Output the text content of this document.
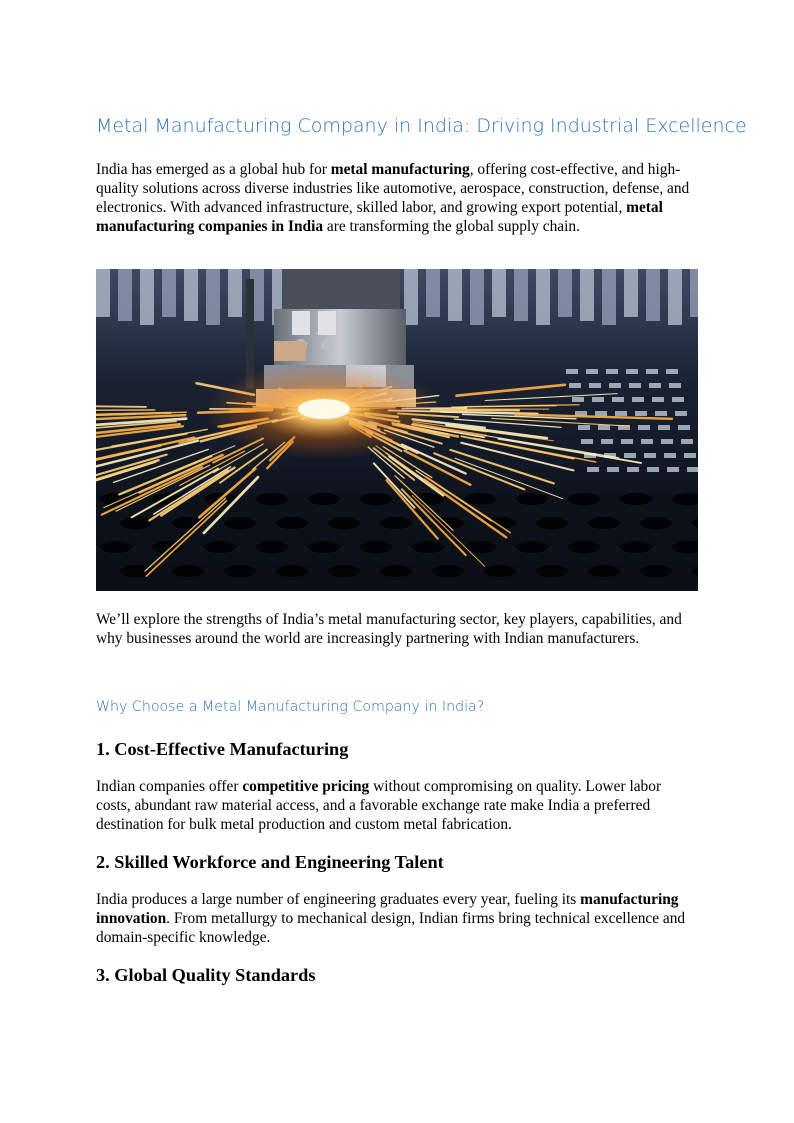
Metal Manufacturing Company in India: Driving Industrial Excellence

India has emerged as a global hub for metal manufacturing, offering cost-effective, and high-quality solutions across diverse industries like automotive, aerospace, construction, defense, and electronics. With advanced infrastructure, skilled labor, and growing export potential, metal manufacturing companies in India are transforming the global supply chain.

We’ll explore the strengths of India’s metal manufacturing sector, key players, capabilities, and why businesses around the world are increasingly partnering with Indian manufacturers.

Why Choose a Metal Manufacturing Company in India?
1. Cost-Effective Manufacturing

Indian companies offer competitive pricing without compromising on quality. Lower labor costs, abundant raw material access, and a favorable exchange rate make India a preferred destination for bulk metal production and custom metal fabrication.

2. Skilled Workforce and Engineering Talent

India produces a large number of engineering graduates every year, fueling its manufacturing innovation. From metallurgy to mechanical design, Indian firms bring technical excellence and domain-specific knowledge.

3. Global Quality Standards
